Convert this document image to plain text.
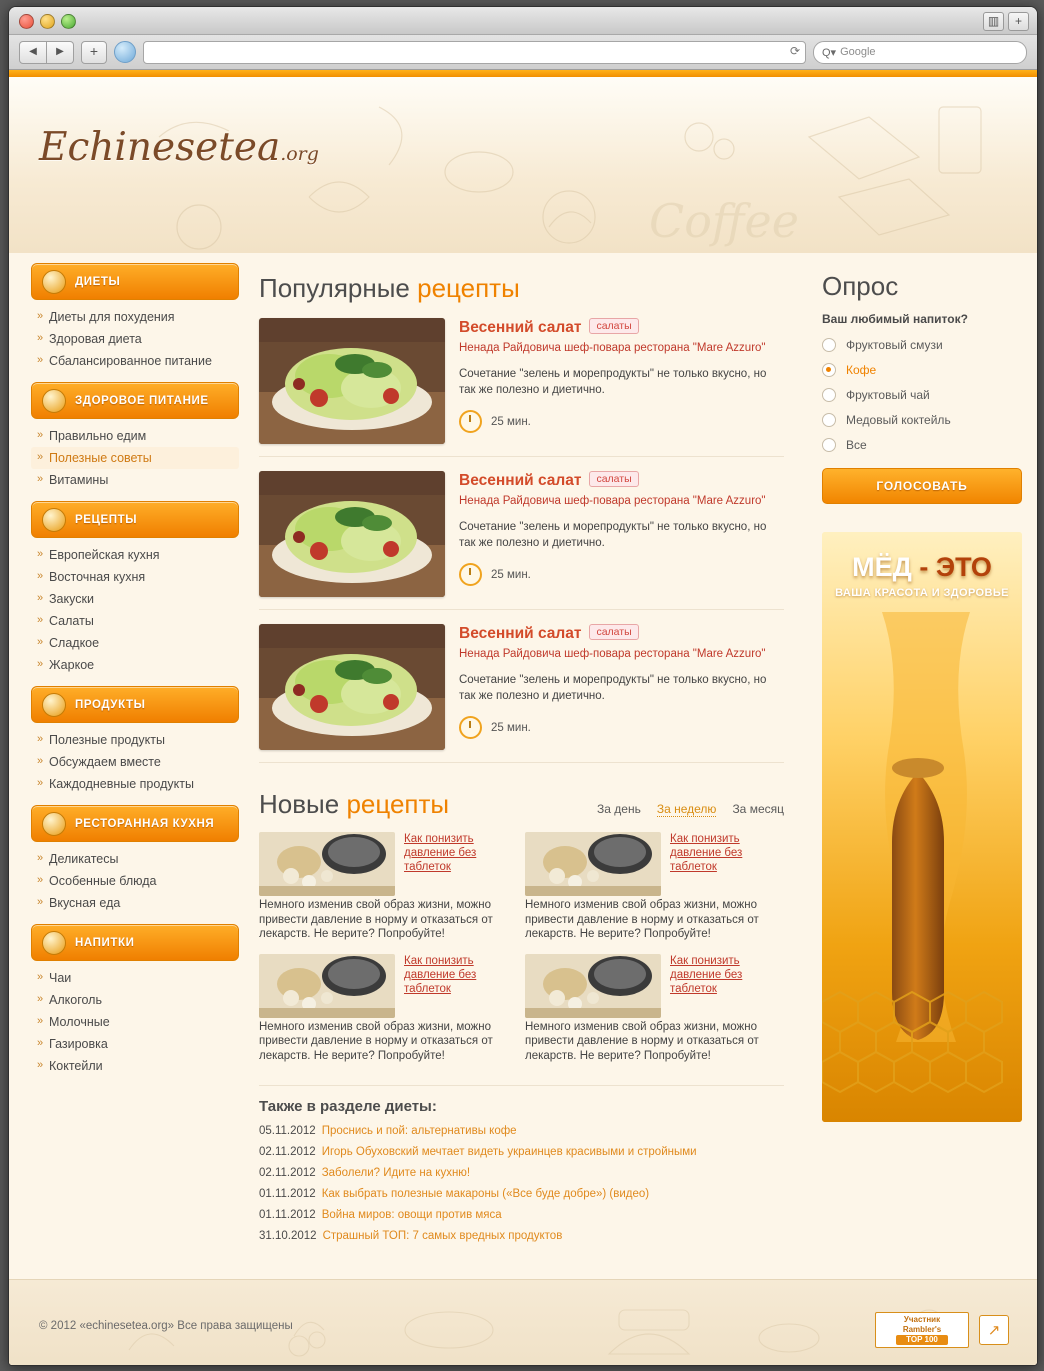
▥	+
◀	▶	+	⟳ Q▾ Google
Coffee
Echinesetea.org
ДИЕТЫ
» Диеты для похудения
» Здоровая диета
» Сбалансированное питание
ЗДОРОВОЕ ПИТАНИЕ
» Правильно едим
» Полезные советы
» Витамины
РЕЦЕПТЫ
» Европейская кухня
» Восточная кухня
» Закуски
» Салаты
» Сладкое
» Жаркое
ПРОДУКТЫ
» Полезные продукты
» Обсуждаем вместе
» Каждодневные продукты
РЕСТОРАННАЯ КУХНЯ
» Деликатесы
» Особенные блюда
» Вкусная еда
НАПИТКИ
» Чаи
» Алкоголь
» Молочные
» Газировка
» Коктейли
Популярные рецепты
Весенний салат салаты
Ненада Райдовича шеф-повара ресторана "Mare Azzuro"
Сочетание "зелень и морепродукты" не только вкусно, но так же полезно и диетично.
25 мин.
Весенний салат салаты
Ненада Райдовича шеф-повара ресторана "Mare Azzuro"
Сочетание "зелень и морепродукты" не только вкусно, но так же полезно и диетично.
25 мин.
Весенний салат салаты
Ненада Райдовича шеф-повара ресторана "Mare Azzuro"
Сочетание "зелень и морепродукты" не только вкусно, но так же полезно и диетично.
25 мин.
Новые рецепты	За день За неделю За месяц
Как понизить давление без таблеток
Немного изменив свой образ жизни, можно привести давление в норму и отказаться от лекарств. Не верите? Попробуйте!
Как понизить давление без таблеток
Немного изменив свой образ жизни, можно привести давление в норму и отказаться от лекарств. Не верите? Попробуйте!
Как понизить давление без таблеток
Немного изменив свой образ жизни, можно привести давление в норму и отказаться от лекарств. Не верите? Попробуйте!
Как понизить давление без таблеток
Немного изменив свой образ жизни, можно привести давление в норму и отказаться от лекарств. Не верите? Попробуйте!
Также в разделе диеты:
05.11.2012 Проснись и пой: альтернативы кофе
02.11.2012 Игорь Обуховский мечтает видеть украинцев красивыми и стройными
02.11.2012 Заболели? Идите на кухню!
01.11.2012 Как выбрать полезные макароны («Все буде добре») (видео)
01.11.2012 Война миров: овощи против мяса
31.10.2012 Страшный ТОП: 7 самых вредных продуктов
Опрос
Ваш любимый напиток?
Фруктовый смузи
Кофе
Фруктовый чай
Медовый коктейль
Все
ГОЛОСОВАТЬ
МЁД - ЭТО
ВАША КРАСОТА И ЗДОРОВЬЕ
© 2012 «echinesetea.org» Все права защищены
Участник
Rambler's
TOP 100
↗
